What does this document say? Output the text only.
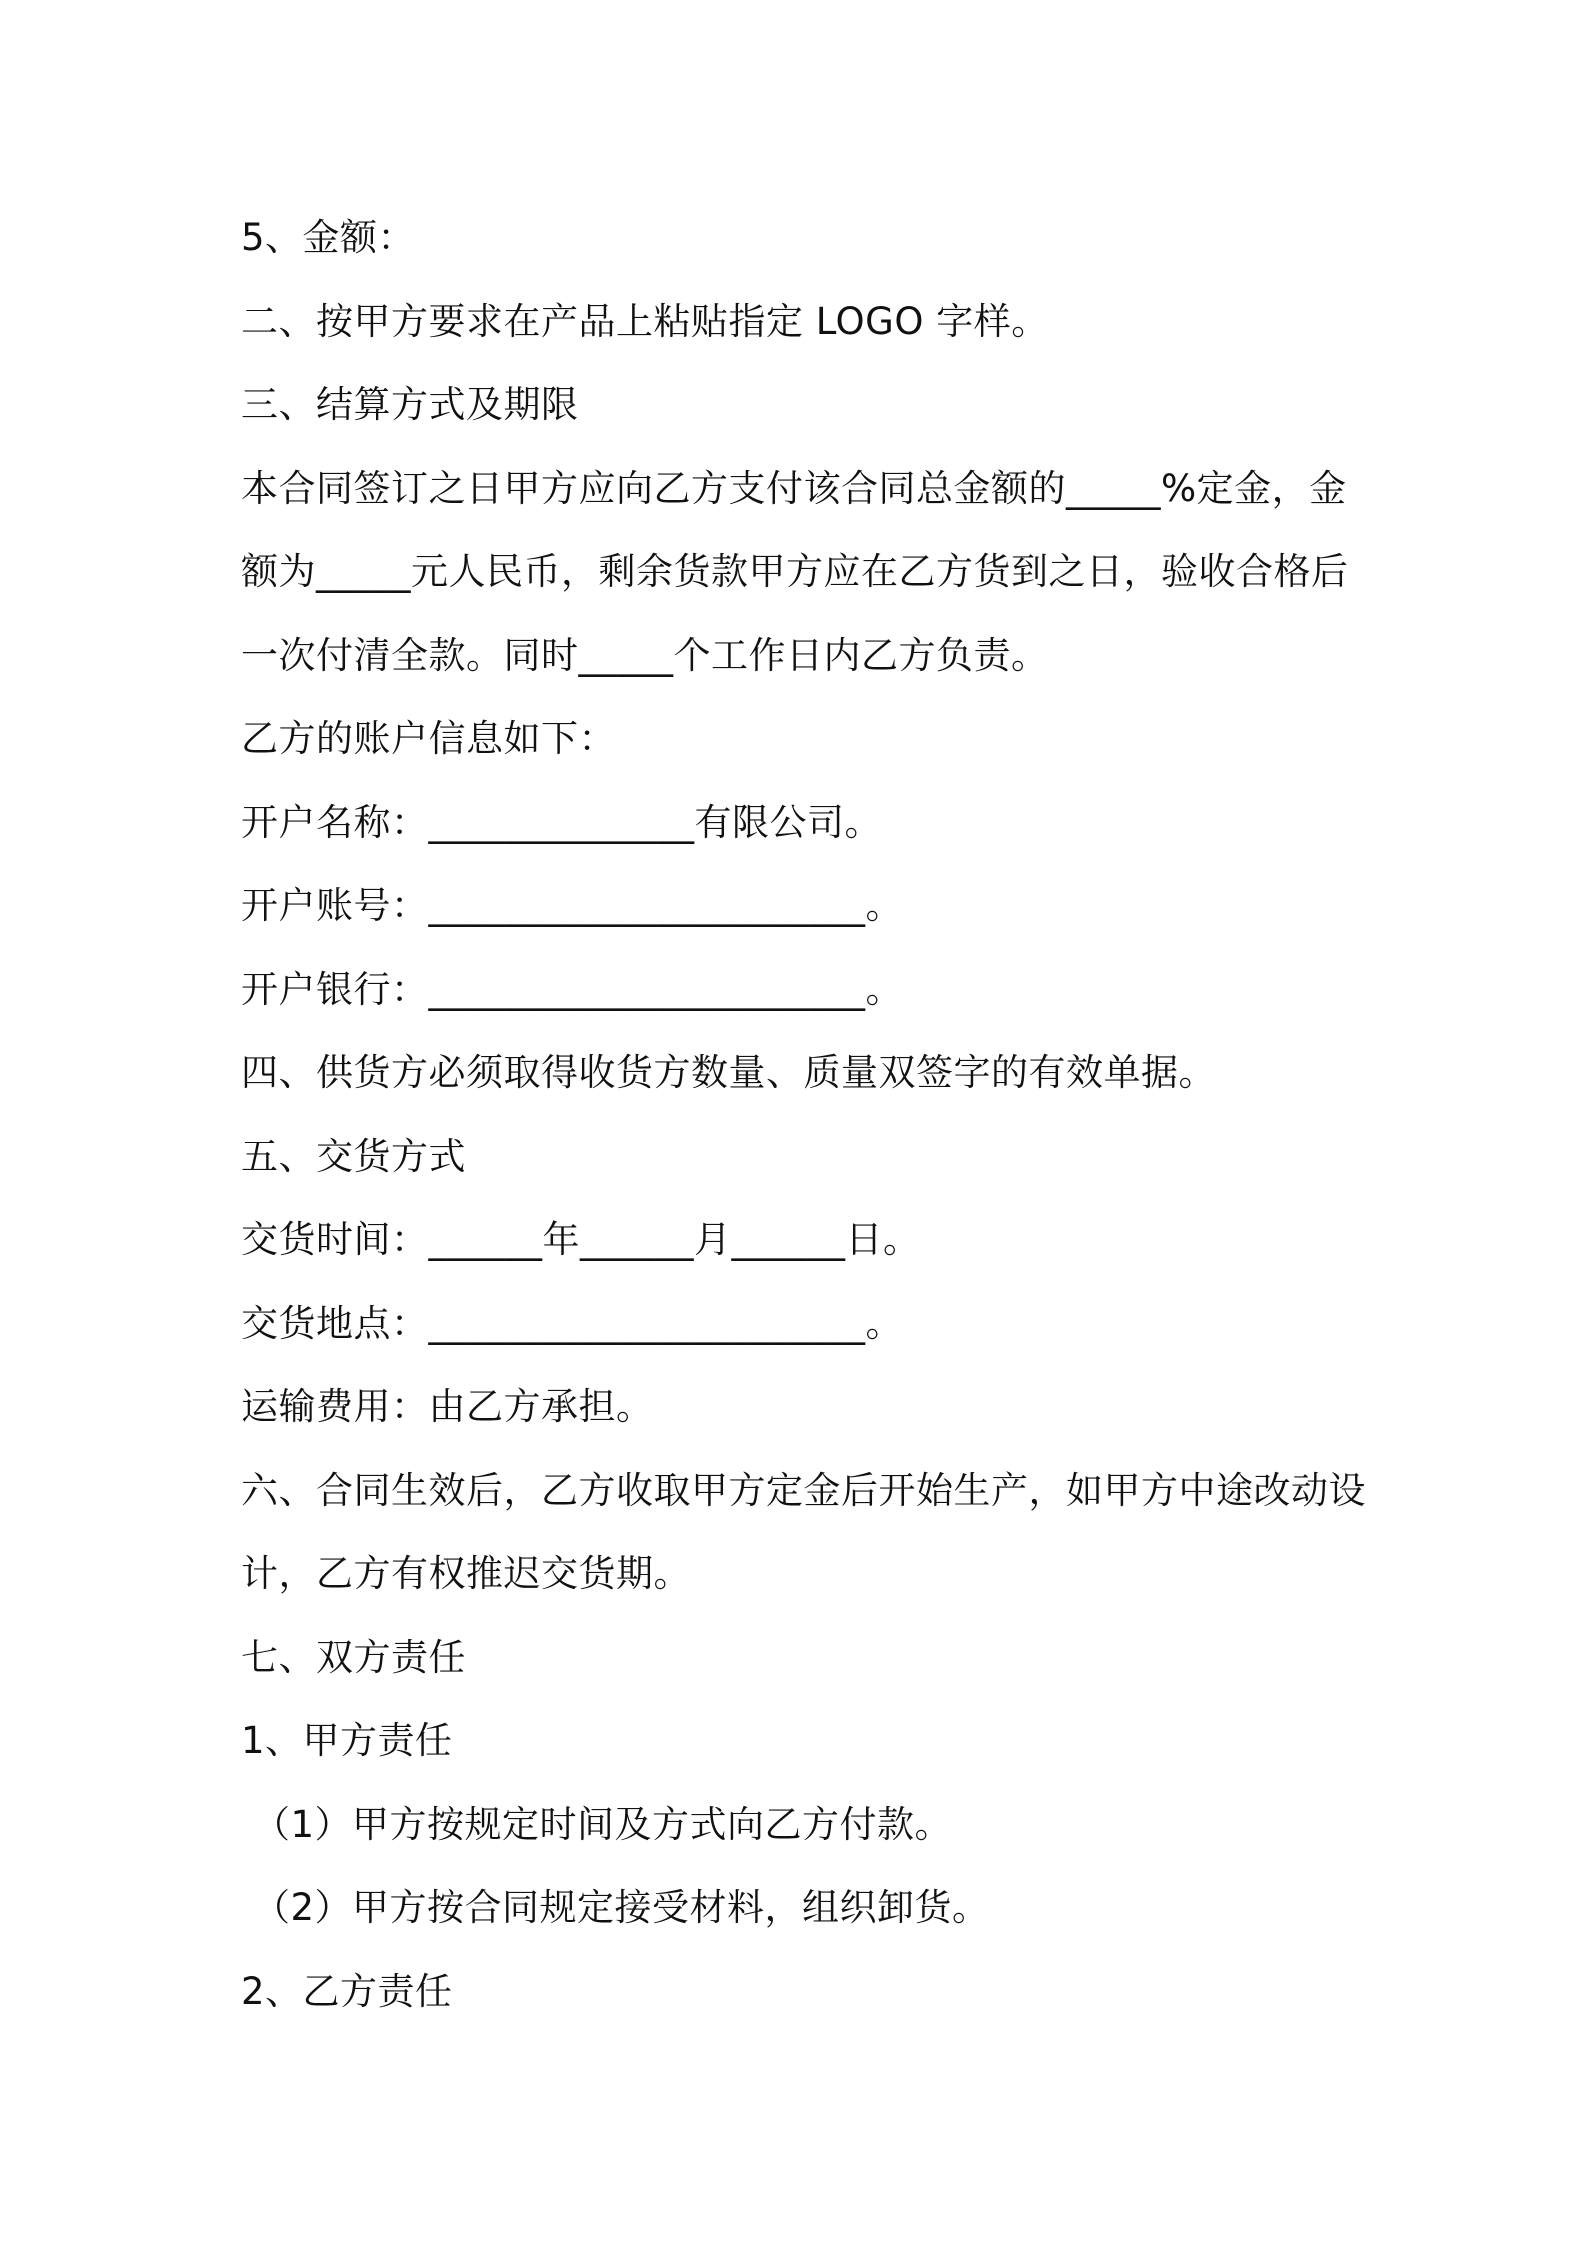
5、金额：
二、按甲方要求在产品上粘贴指定 LOGO 字样。
三、结算方式及期限
本合同签订之日甲方应向乙方支付该合同总金额的_____%定金，金
额为_____元人民币，剩余货款甲方应在乙方货到之日，验收合格后
一次付清全款。同时_____个工作日内乙方负责。
乙方的账户信息如下：
开户名称：______________有限公司。
开户账号：_______________________。
开户银行：_______________________。
四、供货方必须取得收货方数量、质量双签字的有效单据。
五、交货方式
交货时间：______年______月______日。
交货地点：_______________________。
运输费用：由乙方承担。
六、合同生效后，乙方收取甲方定金后开始生产，如甲方中途改动设
计，乙方有权推迟交货期。
七、双方责任
1、甲方责任
（1）甲方按规定时间及方式向乙方付款。
（2）甲方按合同规定接受材料，组织卸货。
2、乙方责任
